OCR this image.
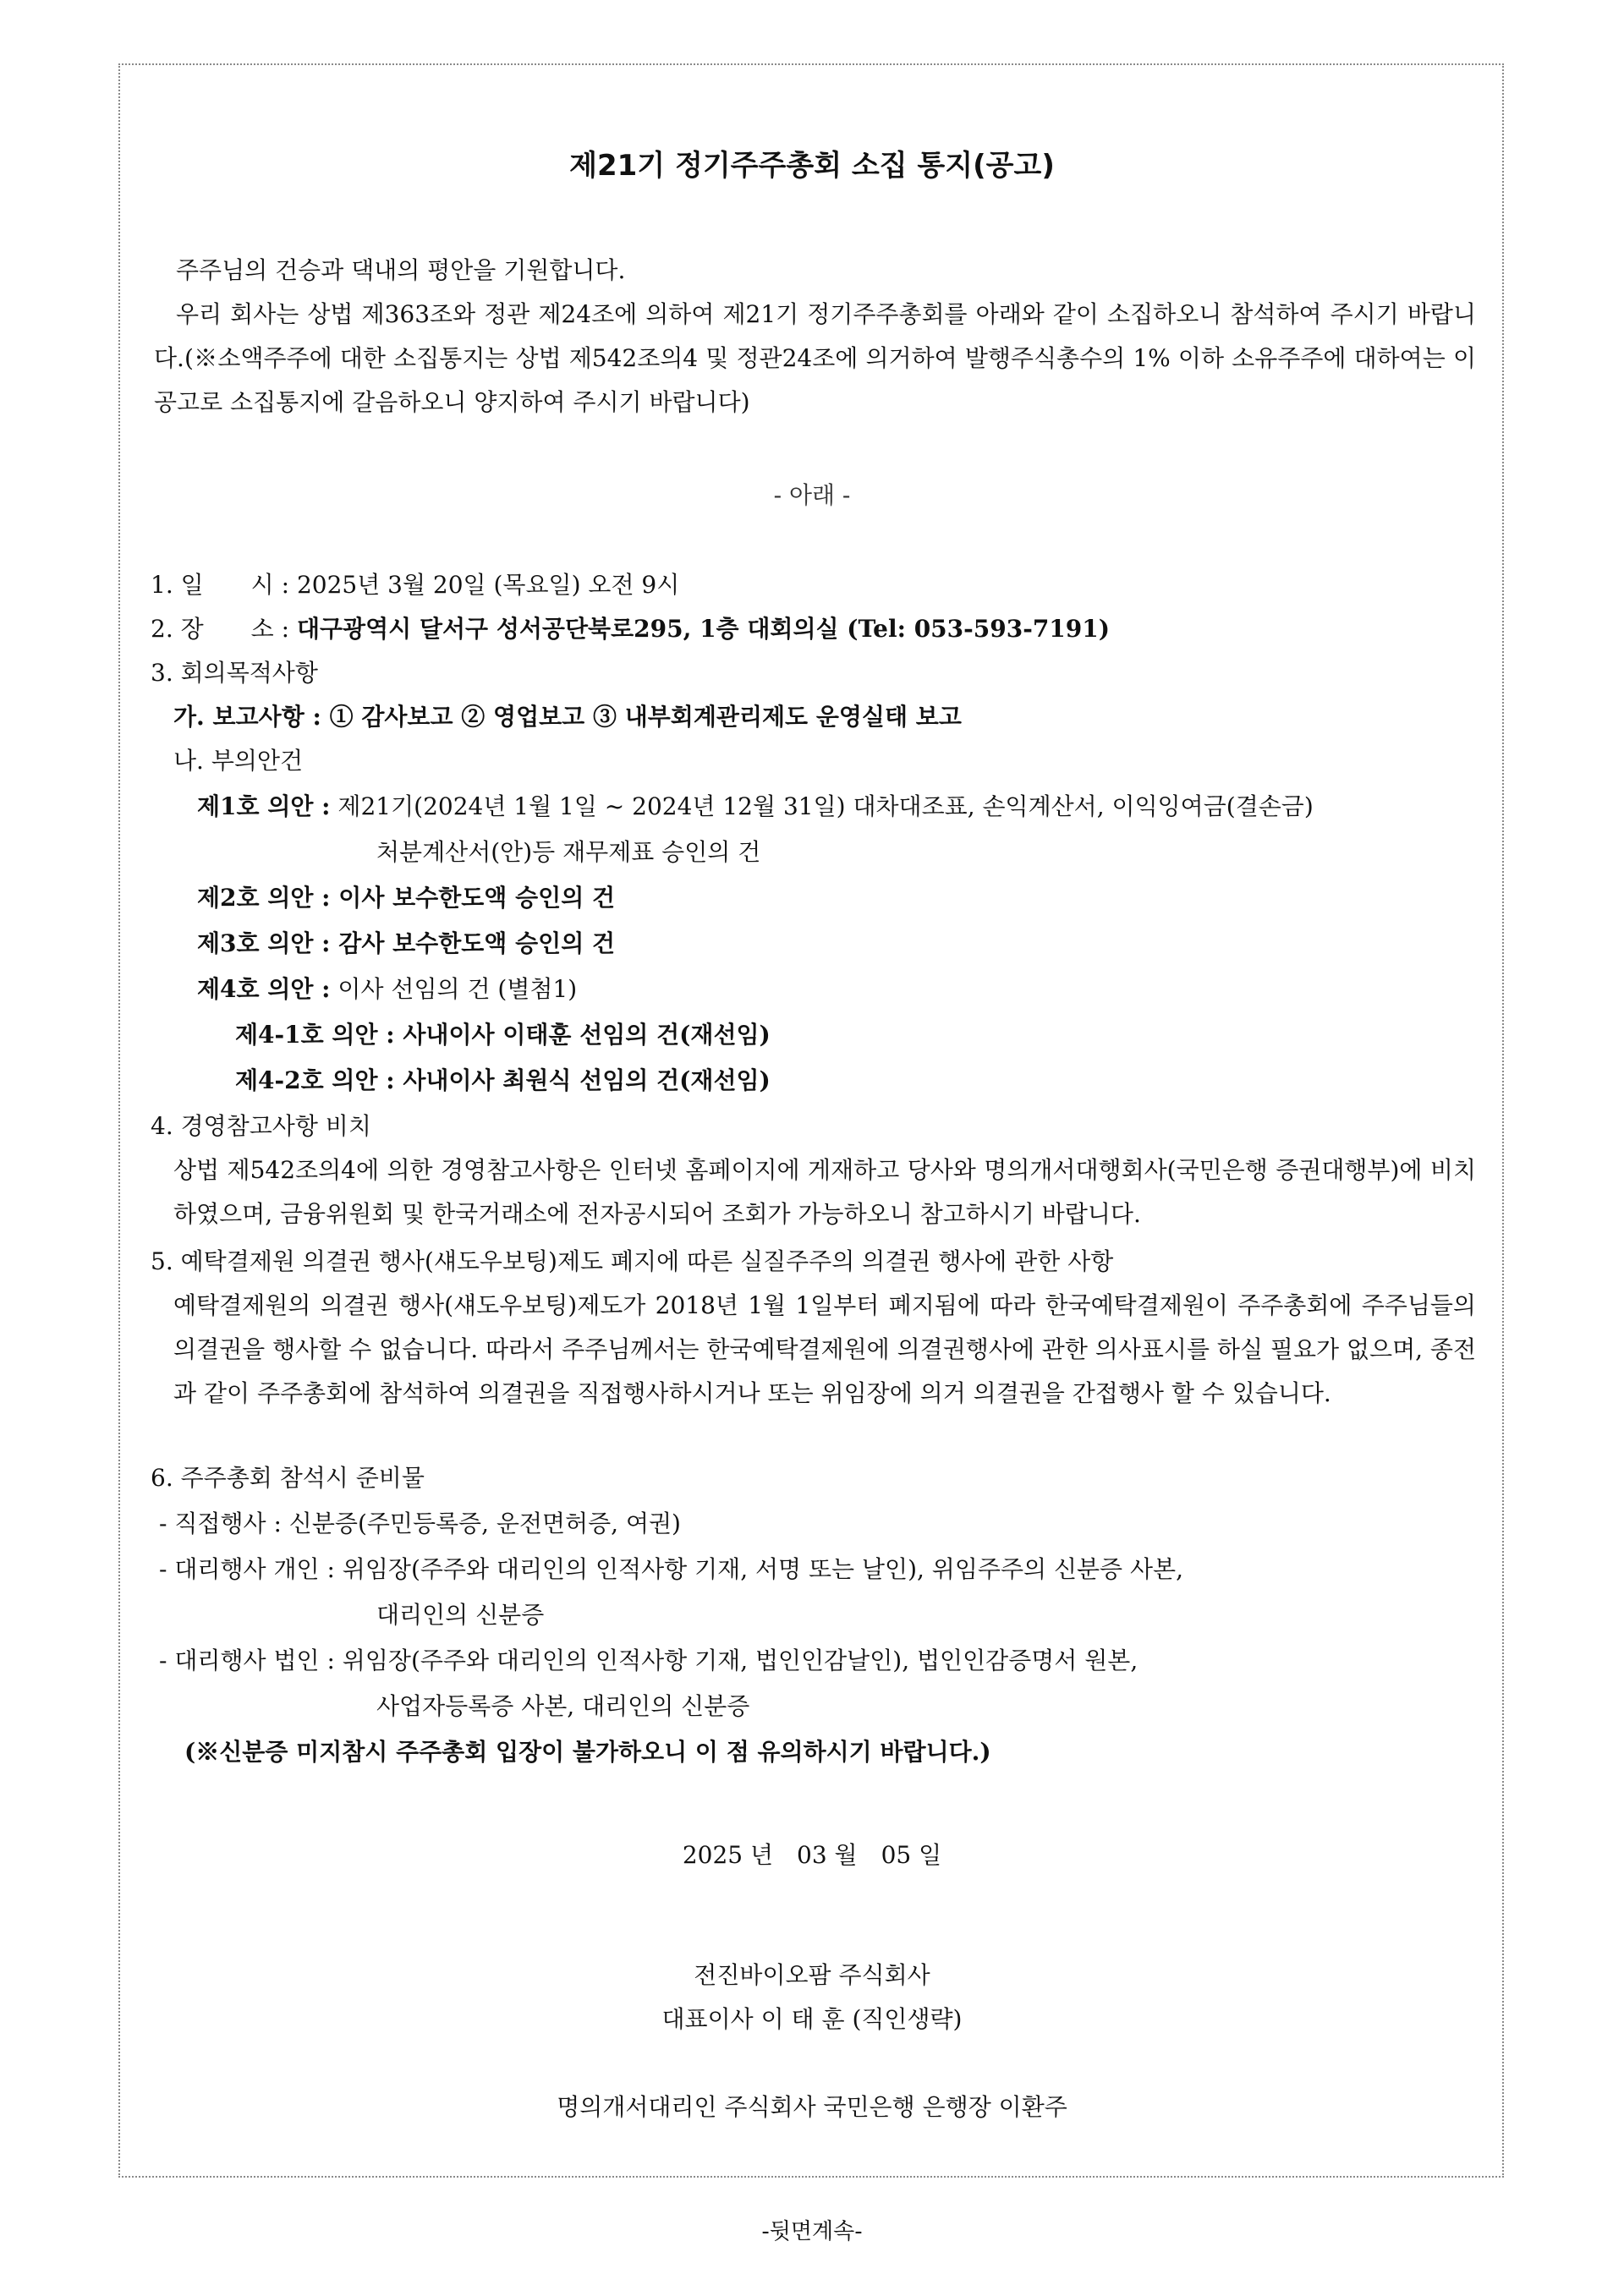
제21기 정기주주총회 소집 통지(공고)

주주님의 건승과 댁내의 평안을 기원합니다.

우리 회사는 상법 제363조와 정관 제24조에 의하여 제21기 정기주주총회를 아래와 같이 소집하오니 참석하여 주시기 바랍니다.(※소액주주에 대한 소집통지는 상법 제542조의4 및 정관24조에 의거하여 발행주식총수의 1% 이하 소유주주에 대하여는 이 공고로 소집통지에 갈음하오니 양지하여 주시기 바랍니다)

- 아래 -
1. 일　　시 : 2025년 3월 20일 (목요일) 오전 9시
2. 장　　소 : 대구광역시 달서구 성서공단북로295, 1층 대회의실 (Tel: 053-593-7191)
3. 회의목적사항
가. 보고사항 : ① 감사보고 ② 영업보고 ③ 내부회계관리제도 운영실태 보고
나. 부의안건
제1호 의안 : 제21기(2024년 1월 1일 ~ 2024년 12월 31일) 대차대조표, 손익계산서, 이익잉여금(결손금)
처분계산서(안)등 재무제표 승인의 건
제2호 의안 : 이사 보수한도액 승인의 건
제3호 의안 : 감사 보수한도액 승인의 건
제4호 의안 : 이사 선임의 건 (별첨1)
제4-1호 의안 : 사내이사 이태훈 선임의 건(재선임)
제4-2호 의안 : 사내이사 최원식 선임의 건(재선임)
4. 경영참고사항 비치

상법 제542조의4에 의한 경영참고사항은 인터넷 홈페이지에 게재하고 당사와 명의개서대행회사(국민은행 증권대행부)에 비치하였으며, 금융위원회 및 한국거래소에 전자공시되어 조회가 가능하오니 참고하시기 바랍니다.

5. 예탁결제원 의결권 행사(섀도우보팅)제도 폐지에 따른 실질주주의 의결권 행사에 관한 사항

예탁결제원의 의결권 행사(섀도우보팅)제도가 2018년 1월 1일부터 폐지됨에 따라 한국예탁결제원이 주주총회에 주주님들의 의결권을 행사할 수 없습니다. 따라서 주주님께서는 한국예탁결제원에 의결권행사에 관한 의사표시를 하실 필요가 없으며, 종전과 같이 주주총회에 참석하여 의결권을 직접행사하시거나 또는 위임장에 의거 의결권을 간접행사 할 수 있습니다.

6. 주주총회 참석시 준비물
- 직접행사 : 신분증(주민등록증, 운전면허증, 여권)
- 대리행사 개인 : 위임장(주주와 대리인의 인적사항 기재, 서명 또는 날인), 위임주주의 신분증 사본,
대리인의 신분증
- 대리행사 법인 : 위임장(주주와 대리인의 인적사항 기재, 법인인감날인), 법인인감증명서 원본,
사업자등록증 사본, 대리인의 신분증
(※신분증 미지참시 주주총회 입장이 불가하오니 이 점 유의하시기 바랍니다.)
2025 년　03 월　05 일
전진바이오팜 주식회사
대표이사 이 태 훈 (직인생략)
명의개서대리인 주식회사 국민은행 은행장 이환주
-뒷면계속-
